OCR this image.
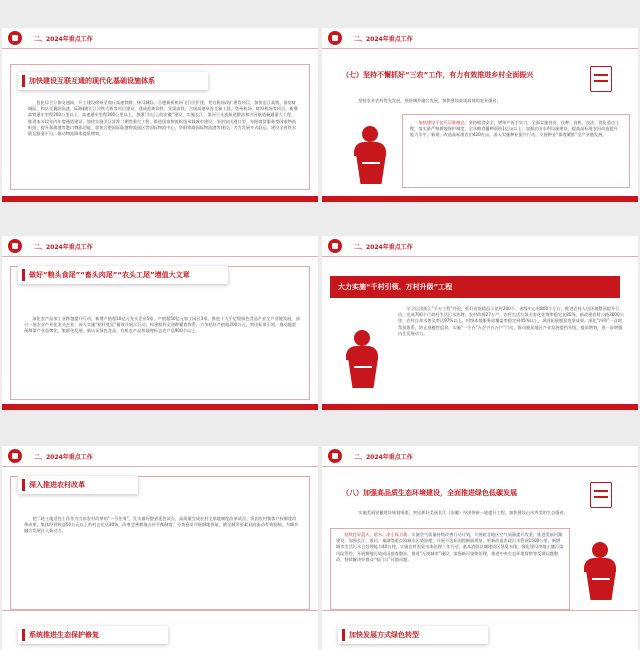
二、2024年重点工作
加快建设互联互通的现代化基础设施体系
优化综合立体交通网，开工建设徐州至商丘高速铁路、扬马城际、合肥新桥机场飞行区扩建，芜宣机场改扩建等项目，加快沿江高铁、淮宿蚌城际、和县至襄阳高速、G3铜陵长江公铁大桥等项目建设，建成池黄高铁、宣绩高铁、合周高速阜首至颍上段、亳州机场、蚌埠机场等项目，新增高铁通车里程200公里以上、高速通车里程300公里以上，加强“水运上的安徽”建设，实施长江、淮河干支流航道整治和内河航道畅通重大工程，推进本节段年内年度通道建设，加快实施引江济淮二期等重大工程，推进国家物流枢纽承载城市建设，争创安庆港口型、阜阳商贸服务型国家物流枢纽，提升郑蒲港等港口物流功能，加快合肥国际陆港物流园区等国际物流中心，阜阳铁路国际物流港等建设，大力发展多式联运，建设全省铁水联运服务平台，推动物流降本提质增效。
二、2024年重点工作
（七）坚持不懈抓好“三农”工作，有力有效推进乡村全面振兴
坚持农业农村优先发展，坚持城乡融合发展，加快建设高质高效的农业强省。
加快建设千亿斤江淮粮仓。坚持粮食安全，增单产再手实力，全面实施良田、良种、良机、良法、优化重点工程，落实最严格耕地保护制度，全年粮食播种面积1亿亩以上，加强农田水利设施建设，提高高标准农田改造提升能力水平，新建、改造高标准农田420万亩，深入实施种业振兴行动，支持种业“保育繁推”全产业链发展。
二、2024年重点工作
做好“粮头食尾”“畜头肉尾”“农头工尾”增值大文章
深化农产品加工业跨越提升行动，新增产值超10亿元龙头企业5家，产值超50亿元加工园区3家，推进十大千亿级绿色食品产业全产业链发展，部引一批农业产业化龙头企业，深入实施“秸秆变宝”量效开展示行动，构建秸秆全食种繁育体系，力争秸秆产值超200万元，突出标准引领，推动地票预制菜产业品牌化、集群化发展，新认证绿色食品、有机农产品和地理标志农产品900个以上。
二、2024年重点工作
大力实施“千村引领、万村升级”工程
学习运用浙江“千万工程”经验，抓好首批精品示范村200个、省级中心村800个左右，推进农村人居环境整治提升行动，完成700个行政村生活污水治理，农村改厕27万户，农村生活垃圾无害化处理率稳定在85%，新改建农村公路3000公里，农村自来水普及率达97%以上，村级本地服务站覆盖率稳定到45%以上，巩固拓展脱贫攻坚成果，深化“四带”一自助帮扶体系，防止规模性返贫，实施“一千百”万企兴百万户”行动，推动脱贫地区产业发展提档升级，提质增效，进一步增强内生发展动力。
二、2024年重点工作
深入推进农村改革
把二轮土地延包工作作为当前农村改革的“一号任务”，扎实做好整省延包试点，高质量完成农村宅基地制度改革试点，巩固农村集体产权制度改革成果，集体经营收益50万元以上的村占比达30%，改革完善耕地占补平衡制度，分类稳妥开展耕地恢复，健全城乡要素双向流动有效机制，为城乡融合发展注入新动力。
二、2024年重点工作
（八）加强高品质生态环境建设，全面推进绿色低碳发展
实施美丽安徽建设规划纲要，突出抓好美丽长江（安徽）经济带新一轮提升工程，加快建设山水秀美的生态强省。
持续打好蓝天、碧水、净土保卫战。实施空气质量持续改善行动计划，开展皖北地区空气质量提升攻坚，推进美丽河湖建设，加强长江、淮河、巢湖等重点流域水污染治理，开展不达标国控断面攻坚，更新改造市政污水管网1500公里，新增城市生活污水日处理能力40万吨，实施农村黑臭水体治理三年行动，基本消除县城建成区黑臭水体，强化建设用地土壤污染风险管控，开展耕地污染成因排查整治，推进“无废城市”建设，加强新污染物治理，推进中央生态环境督察等反馈问题整改，持续解决好群众“家门口”环境问题。
系统推进生态保护修复	加快发展方式绿色转型
